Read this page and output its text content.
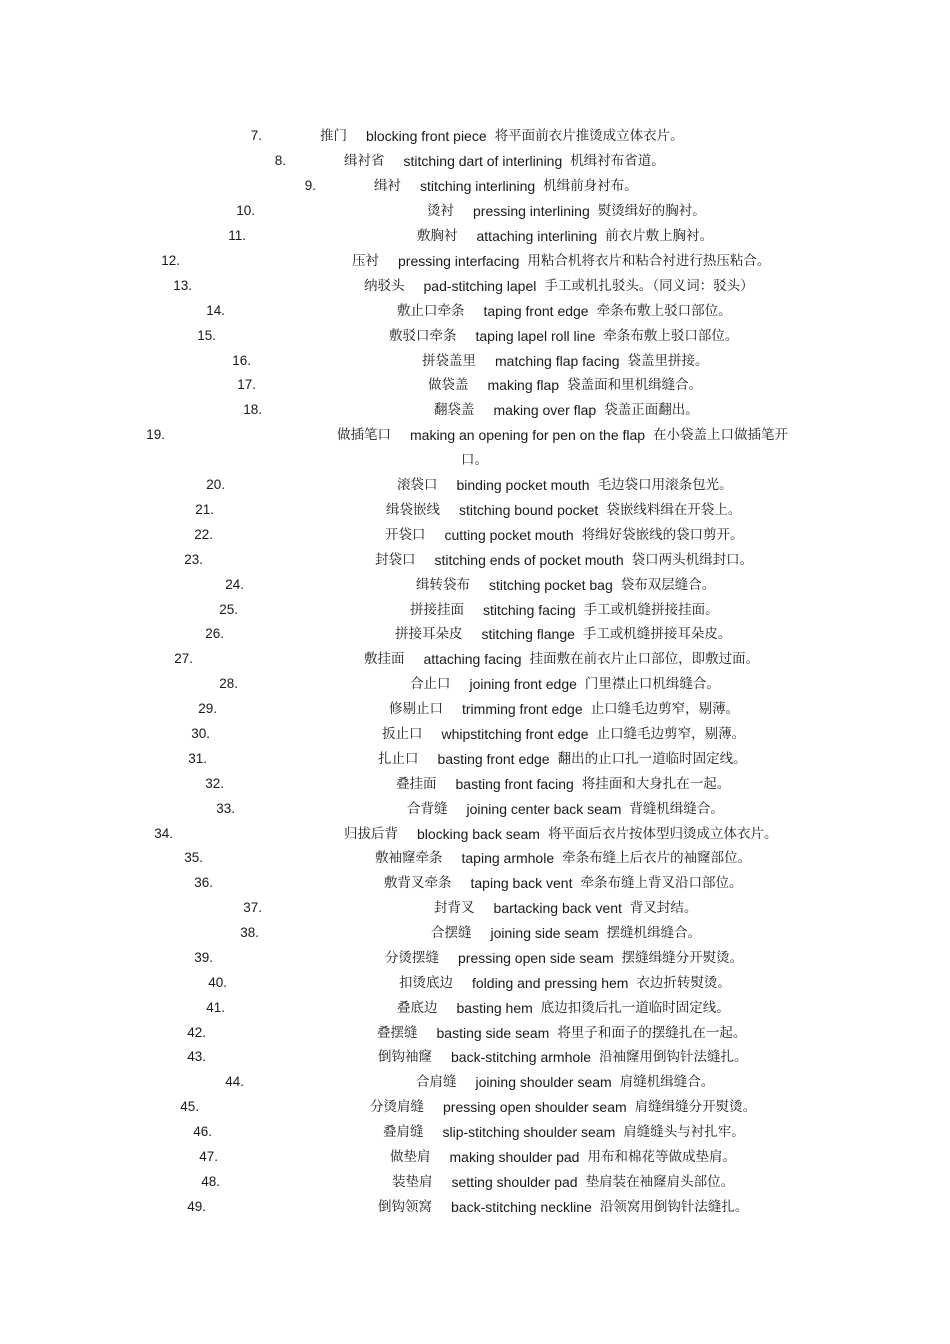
7.	推门 blocking front piece 将平面前衣片推烫成立体衣片。
8.	缉衬省 stitching dart of interlining 机缉衬布省道。
9.	缉衬 stitching interlining 机缉前身衬布。
10.	烫衬 pressing interlining 熨烫缉好的胸衬。
11.	敷胸衬 attaching interlining 前衣片敷上胸衬。
12.	压衬 pressing interfacing 用粘合机将衣片和粘合衬进行热压粘合。
13.	纳驳头 pad-stitching lapel 手工或机扎驳头。（同义词：驳头）
14.	敷止口牵条 taping front edge 牵条布敷上驳口部位。
15.	敷驳口牵条 taping lapel roll line 牵条布敷上驳口部位。
16.	拼袋盖里 matching flap facing 袋盖里拼接。
17.	做袋盖 making flap 袋盖面和里机缉缝合。
18.	翻袋盖 making over flap 袋盖正面翻出。
19.	做插笔口 making an opening for pen on the flap 在小袋盖上口做插笔开
口。
20.	滚袋口 binding pocket mouth 毛边袋口用滚条包光。
21.	缉袋嵌线 stitching bound pocket 袋嵌线料缉在开袋上。
22.	开袋口 cutting pocket mouth 将缉好袋嵌线的袋口剪开。
23.	封袋口 stitching ends of pocket mouth 袋口两头机缉封口。
24.	缉转袋布 stitching pocket bag 袋布双层缝合。
25.	拼接挂面 stitching facing 手工或机缝拼接挂面。
26.	拼接耳朵皮 stitching flange 手工或机缝拼接耳朵皮。
27.	敷挂面 attaching facing 挂面敷在前衣片止口部位，即敷过面。
28.	合止口 joining front edge 门里襟止口机缉缝合。
29.	修剔止口 trimming front edge 止口缝毛边剪窄，剔薄。
30.	扳止口 whipstitching front edge 止口缝毛边剪窄，剔薄。
31.	扎止口 basting front edge 翻出的止口扎一道临时固定线。
32.	叠挂面 basting front facing 将挂面和大身扎在一起。
33.	合背缝 joining center back seam 背缝机缉缝合。
34.	归拔后背 blocking back seam 将平面后衣片按体型归烫成立体衣片。
35.	敷袖窿牵条 taping armhole 牵条布缝上后衣片的袖窿部位。
36.	敷背叉牵条 taping back vent 牵条布缝上背叉沿口部位。
37.	封背叉 bartacking back vent 背叉封结。
38.	合摆缝 joining side seam 摆缝机缉缝合。
39.	分烫摆缝 pressing open side seam 摆缝缉缝分开熨烫。
40.	扣烫底边 folding and pressing hem 衣边折转熨烫。
41.	叠底边 basting hem 底边扣烫后扎一道临时固定线。
42.	叠摆缝 basting side seam 将里子和面子的摆缝扎在一起。
43.	倒钩袖窿 back-stitching armhole 沿袖窿用倒钩针法缝扎。
44.	合肩缝 joining shoulder seam 肩缝机缉缝合。
45.	分烫肩缝 pressing open shoulder seam 肩缝缉缝分开熨烫。
46.	叠肩缝 slip-stitching shoulder seam 肩缝缝头与衬扎牢。
47.	做垫肩 making shoulder pad 用布和棉花等做成垫肩。
48.	装垫肩 setting shoulder pad 垫肩装在袖窿肩头部位。
49.	倒钩领窝 back-stitching neckline 沿领窝用倒钩针法缝扎。
